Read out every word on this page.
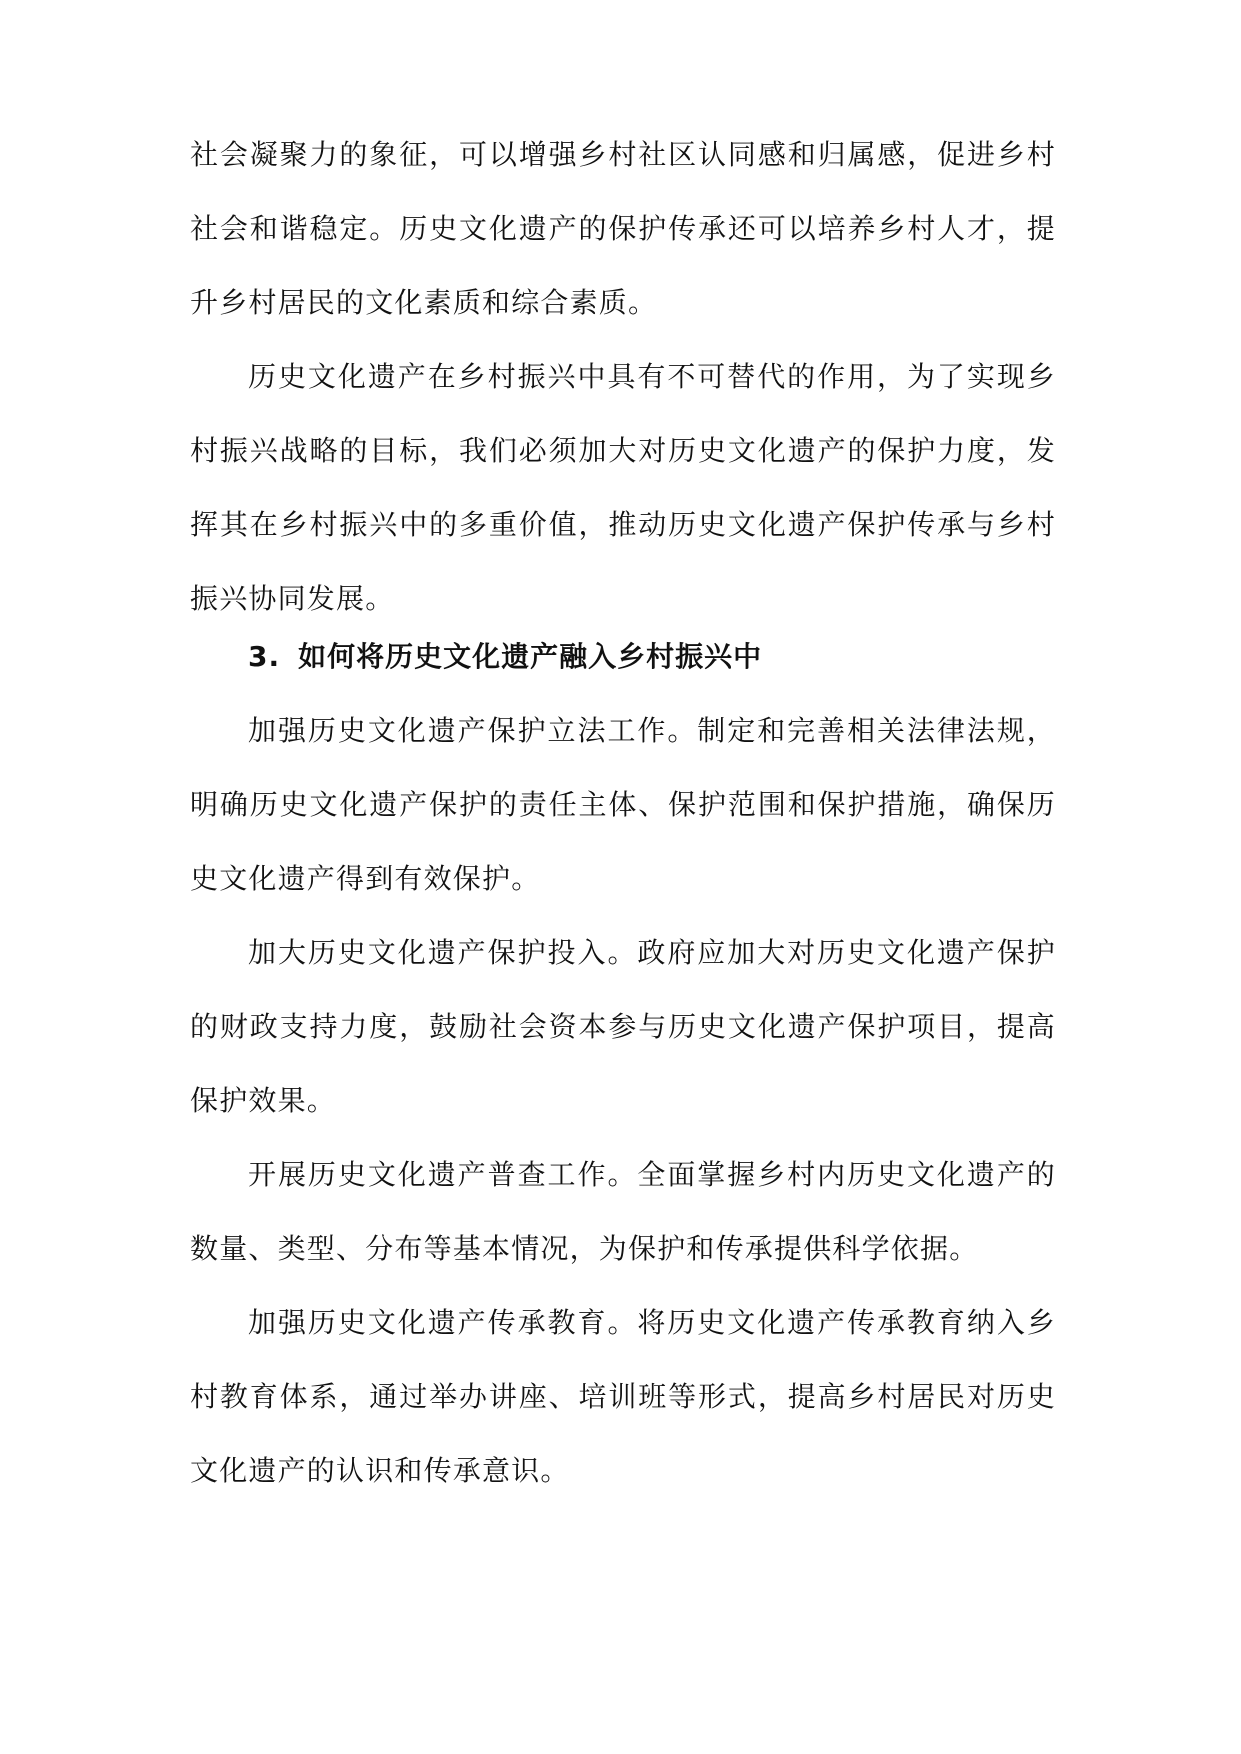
社会凝聚力的象征，可以增强乡村社区认同感和归属感，促进乡村社会和谐稳定。历史文化遗产的保护传承还可以培养乡村人才，提升乡村居民的文化素质和综合素质。

历史文化遗产在乡村振兴中具有不可替代的作用，为了实现乡村振兴战略的目标，我们必须加大对历史文化遗产的保护力度，发挥其在乡村振兴中的多重价值，推动历史文化遗产保护传承与乡村振兴协同发展。

3. 如何将历史文化遗产融入乡村振兴中

加强历史文化遗产保护立法工作。制定和完善相关法律法规，明确历史文化遗产保护的责任主体、保护范围和保护措施，确保历史文化遗产得到有效保护。

加大历史文化遗产保护投入。政府应加大对历史文化遗产保护的财政支持力度，鼓励社会资本参与历史文化遗产保护项目，提高保护效果。

开展历史文化遗产普查工作。全面掌握乡村内历史文化遗产的数量、类型、分布等基本情况，为保护和传承提供科学依据。

加强历史文化遗产传承教育。将历史文化遗产传承教育纳入乡村教育体系，通过举办讲座、培训班等形式，提高乡村居民对历史文化遗产的认识和传承意识。
